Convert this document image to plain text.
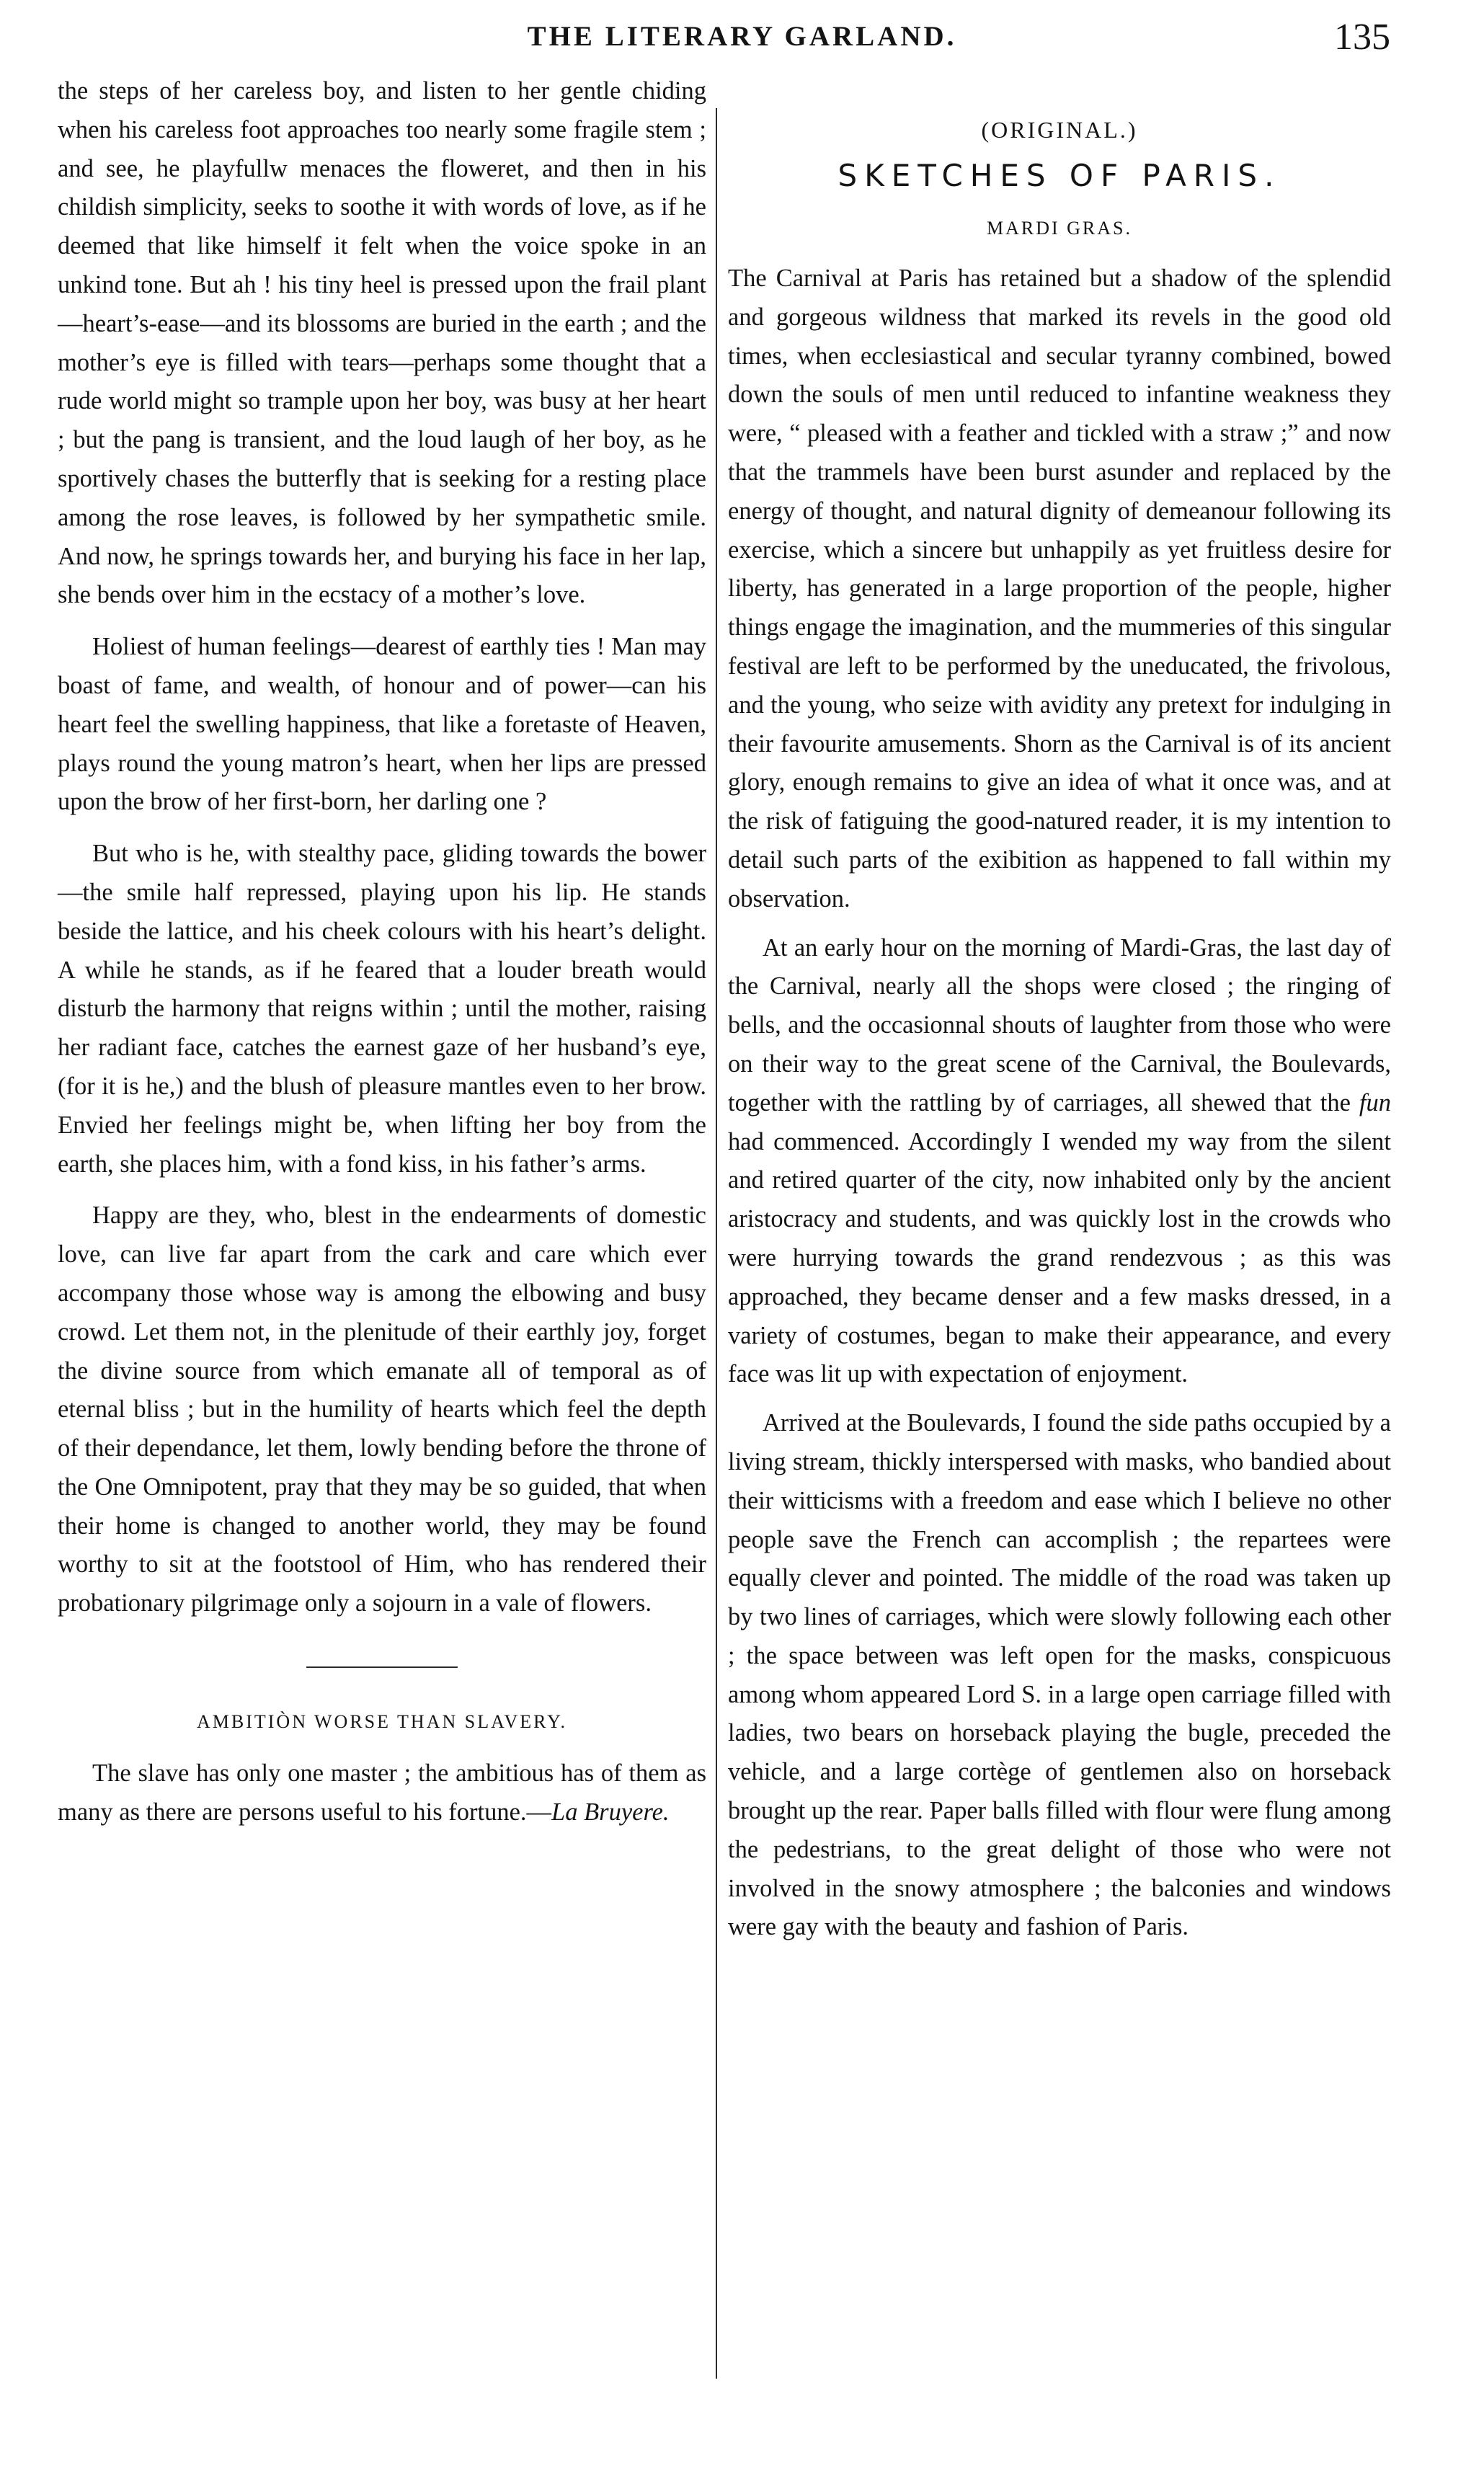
THE LITERARY GARLAND.	135

the steps of her careless boy, and listen to her gentle chiding when his careless foot approaches too nearly some fragile stem ; and see, he playfullw menaces the floweret, and then in his childish simplicity, seeks to soothe it with words of love, as if he deemed that like himself it felt when the voice spoke in an unkind tone. But ah ! his tiny heel is pressed upon the frail plant—heart’s-ease—and its blossoms are buried in the earth ; and the mother’s eye is filled with tears—perhaps some thought that a rude world might so trample upon her boy, was busy at her heart ; but the pang is transient, and the loud laugh of her boy, as he sportively chases the butterfly that is seeking for a resting place among the rose leaves, is followed by her sympathetic smile. And now, he springs towards her, and burying his face in her lap, she bends over him in the ecstacy of a mother’s love.

Holiest of human feelings—dearest of earthly ties ! Man may boast of fame, and wealth, of honour and of power—can his heart feel the swelling happiness, that like a foretaste of Heaven, plays round the young matron’s heart, when her lips are pressed upon the brow of her first-born, her darling one ?

But who is he, with stealthy pace, gliding towards the bower—the smile half repressed, playing upon his lip. He stands beside the lattice, and his cheek colours with his heart’s delight. A while he stands, as if he feared that a louder breath would disturb the harmony that reigns within ; until the mother, raising her radiant face, catches the earnest gaze of her husband’s eye, (for it is he,) and the blush of pleasure mantles even to her brow. Envied her feelings might be, when lifting her boy from the earth, she places him, with a fond kiss, in his father’s arms.

Happy are they, who, blest in the endearments of domestic love, can live far apart from the cark and care which ever accompany those whose way is among the elbowing and busy crowd. Let them not, in the plenitude of their earthly joy, forget the divine source from which emanate all of temporal as of eternal bliss ; but in the humility of hearts which feel the depth of their dependance, let them, lowly bending before the throne of the One Omnipotent, pray that they may be so guided, that when their home is changed to another world, they may be found worthy to sit at the footstool of Him, who has rendered their probationary pilgrimage only a sojourn in a vale of flowers.

AMBITIÒN WORSE THAN SLAVERY.

The slave has only one master ; the ambitious has of them as many as there are persons useful to his fortune.—La Bruyere.

(ORIGINAL.)
SKETCHES OF PARIS.
MARDI GRAS.

The Carnival at Paris has retained but a shadow of the splendid and gorgeous wildness that marked its revels in the good old times, when ecclesiastical and secular tyranny combined, bowed down the souls of men until reduced to infantine weakness they were, “ pleased with a feather and tickled with a straw ;” and now that the trammels have been burst asunder and replaced by the energy of thought, and natural dignity of demeanour following its exercise, which a sincere but unhappily as yet fruitless desire for liberty, has generated in a large proportion of the people, higher things engage the imagination, and the mummeries of this singular festival are left to be performed by the uneducated, the frivolous, and the young, who seize with avidity any pretext for indulging in their favourite amusements. Shorn as the Carnival is of its ancient glory, enough remains to give an idea of what it once was, and at the risk of fatiguing the good-natured reader, it is my intention to detail such parts of the exibition as happened to fall within my observation.

At an early hour on the morning of Mardi-Gras, the last day of the Carnival, nearly all the shops were closed ; the ringing of bells, and the occasionnal shouts of laughter from those who were on their way to the great scene of the Carnival, the Boulevards, together with the rattling by of carriages, all shewed that the fun had commenced. Accordingly I wended my way from the silent and retired quarter of the city, now inhabited only by the ancient aristocracy and students, and was quickly lost in the crowds who were hurrying towards the grand rendezvous ; as this was approached, they became denser and a few masks dressed, in a variety of costumes, began to make their appearance, and every face was lit up with expectation of enjoyment.

Arrived at the Boulevards, I found the side paths occupied by a living stream, thickly interspersed with masks, who bandied about their witticisms with a freedom and ease which I believe no other people save the French can accomplish ; the repartees were equally clever and pointed. The middle of the road was taken up by two lines of carriages, which were slowly following each other ; the space between was left open for the masks, conspicuous among whom appeared Lord S. in a large open carriage filled with ladies, two bears on horseback playing the bugle, preceded the vehicle, and a large cortège of gentlemen also on horseback brought up the rear. Paper balls filled with flour were flung among the pedestrians, to the great delight of those who were not involved in the snowy atmosphere ; the balconies and windows were gay with the beauty and fashion of Paris.
